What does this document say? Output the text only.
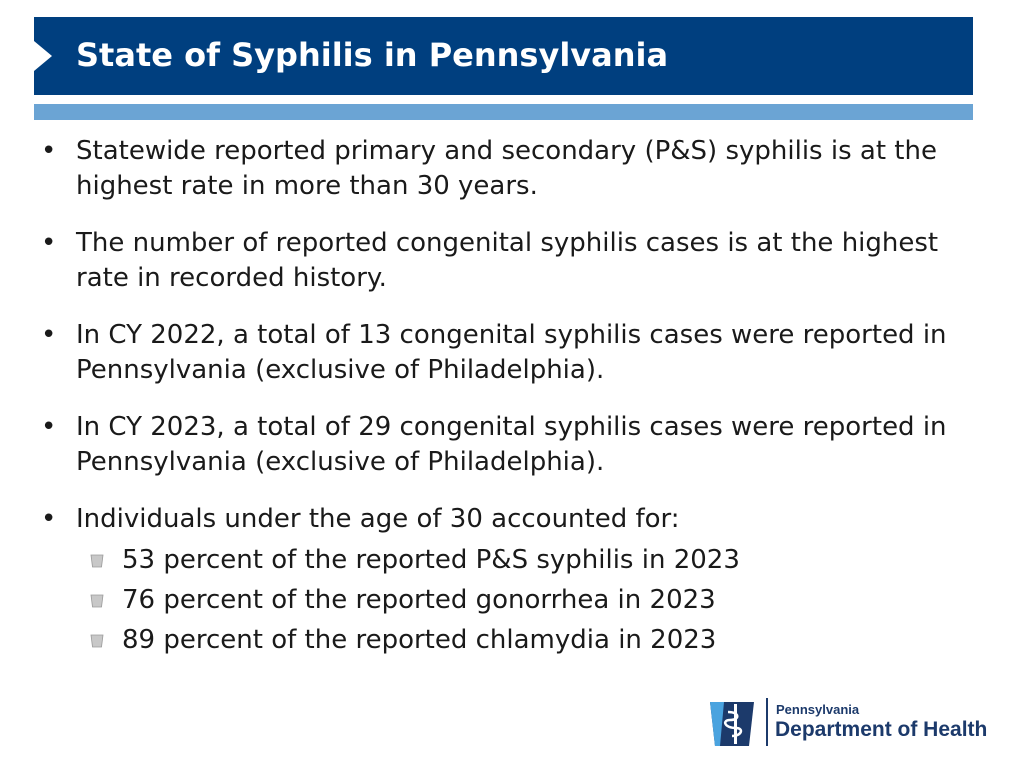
State of Syphilis in Pennsylvania
• Statewide reported primary and secondary (P&S) syphilis is at the highest rate in more than 30 years.
• The number of reported congenital syphilis cases is at the highest rate in recorded history.
• In CY 2022, a total of 13 congenital syphilis cases were reported in Pennsylvania (exclusive of Philadelphia).
• In CY 2023, a total of 29 congenital syphilis cases were reported in Pennsylvania (exclusive of Philadelphia).
• Individuals under the age of 30 accounted for:
53 percent of the reported P&S syphilis in 2023
76 percent of the reported gonorrhea in 2023
89 percent of the reported chlamydia in 2023
Pennsylvania
Department of Health
